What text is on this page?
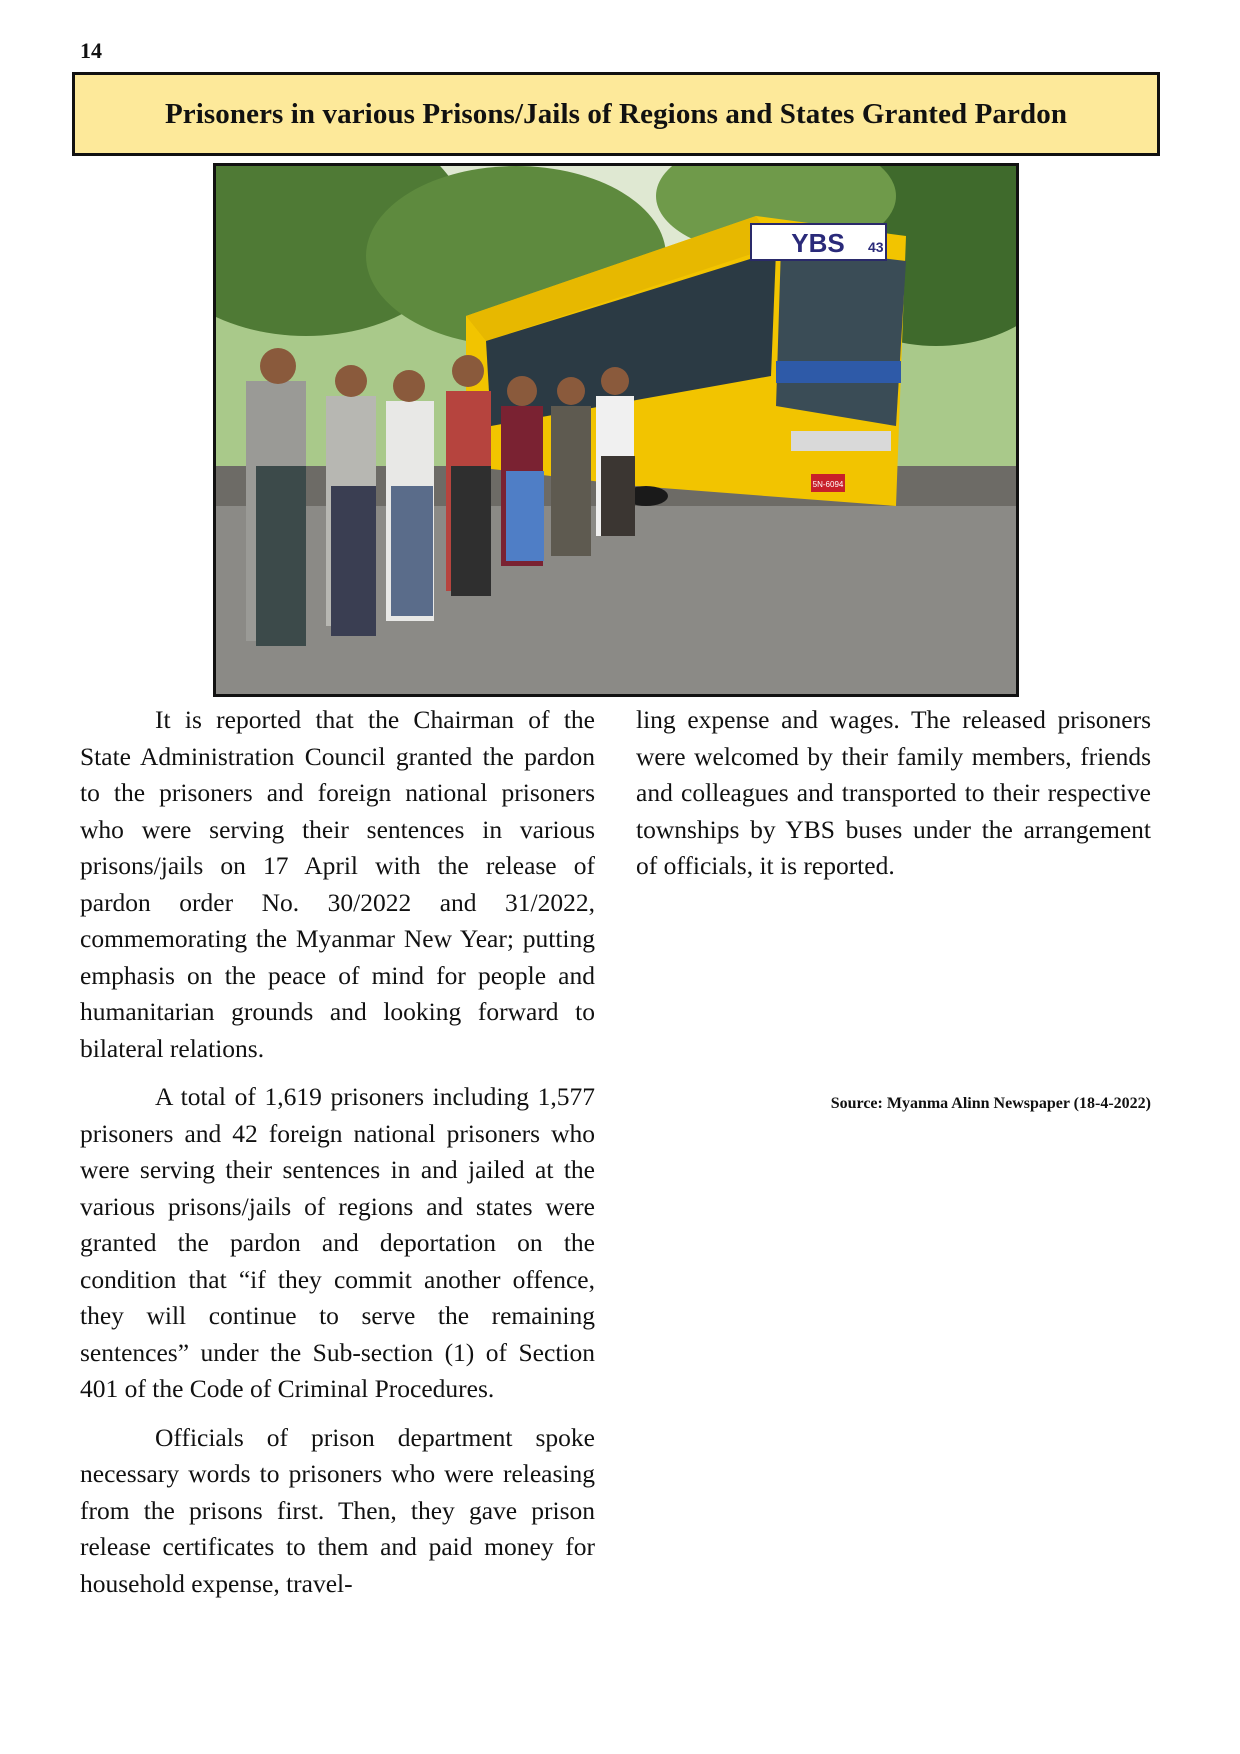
14
Prisoners in various Prisons/Jails of Regions and States Granted Pardon
YBS 43
5N-6094

It is reported that the Chairman of the State Administration Council granted the pardon to the prisoners and foreign national prisoners who were serving their sentences in various prisons/jails on 17 April with the release of pardon order No. 30/2022 and 31/2022, commemorating the Myanmar New Year; putting emphasis on the peace of mind for people and humanitarian grounds and looking forward to bilateral relations.

A total of 1,619 prisoners including 1,577 prisoners and 42 foreign national prisoners who were serving their sentences in and jailed at the various prisons/jails of regions and states were granted the pardon and deportation on the condition that “if they commit another offence, they will continue to serve the remaining sentences” under the Sub-section (1) of Section 401 of the Code of Criminal Procedures.

Officials of prison department spoke necessary words to prisoners who were releasing from the prisons first. Then, they gave prison release certificates to them and paid money for household expense, travel-

ling expense and wages. The released prisoners were welcomed by their family members, friends and colleagues and transported to their respective townships by YBS buses under the arrangement of officials, it is reported.

Source: Myanma Alinn Newspaper (18-4-2022)
